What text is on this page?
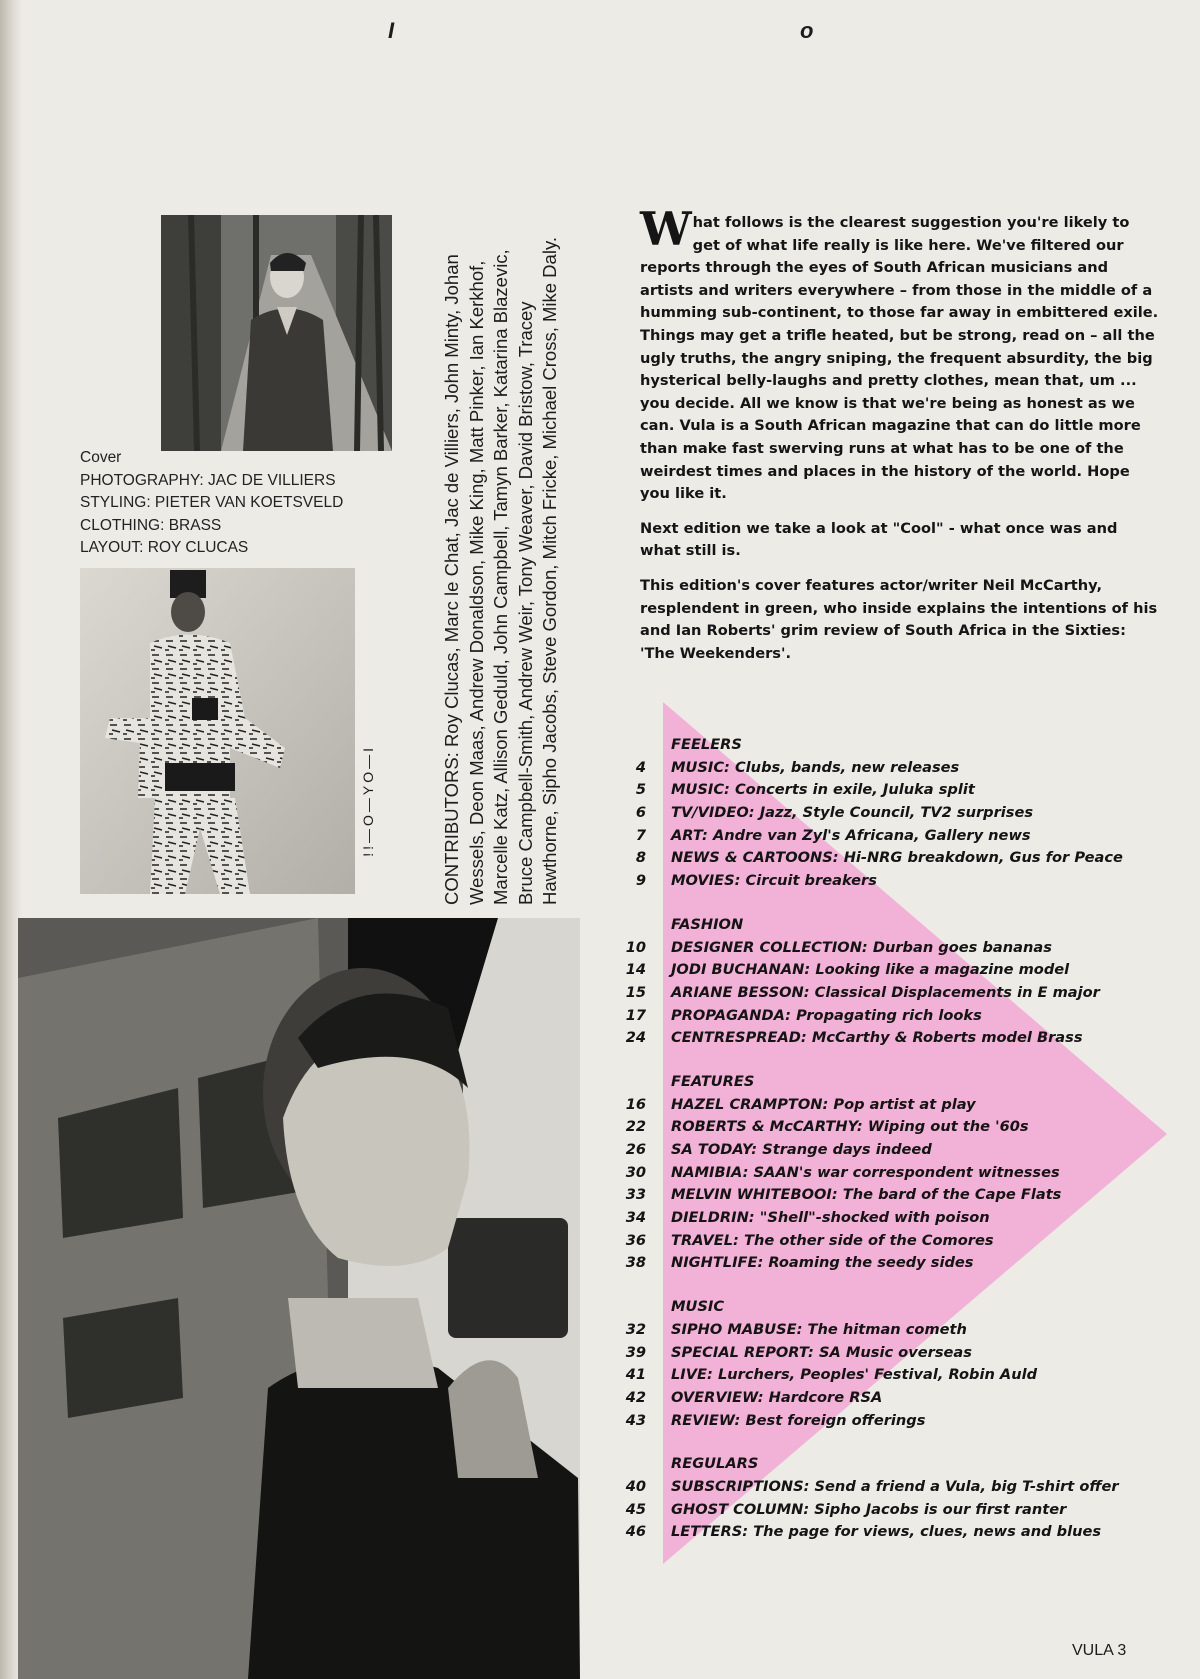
I	o
Cover
PHOTOGRAPHY: JAC DE VILLIERS
STYLING: PIETER VAN KOETSVELD
CLOTHING: BRASS
LAYOUT: ROY CLUCAS
!!—O—YO—I	CONTRIBUTORS: Roy Clucas, Marc le Chat, Jac de Villiers, John Minty, Johan Wessels, Deon Maas, Andrew Donaldson, Mike King, Matt Pinker, Ian Kerkhof, Marcelle Katz, Allison Geduld, John Campbell, Tamyn Barker, Katarina Blazevic, Bruce Campbell-Smith, Andrew Weir, Tony Weaver, David Bristow, Tracey Hawthorne, Sipho Jacobs, Steve Gordon, Mitch Fricke, Michael Cross, Mike Daly.

What follows is the clearest suggestion you're likely to get of what life really is like here. We've filtered our reports through the eyes of South African musicians and artists and writers everywhere – from those in the middle of a humming sub-continent, to those far away in embittered exile. Things may get a trifle heated, but be strong, read on – all the ugly truths, the angry sniping, the frequent absurdity, the big hysterical belly-laughs and pretty clothes, mean that, um ... you decide. All we know is that we're being as honest as we can. Vula is a South African magazine that can do little more than make fast swerving runs at what has to be one of the weirdest times and places in the history of the world. Hope you like it.

Next edition we take a look at "Cool" - what once was and what still is.

This edition's cover features actor/writer Neil McCarthy, resplendent in green, who inside explains the intentions of his and Ian Roberts' grim review of South Africa in the Sixties: 'The Weekenders'.

FEELERS
4	MUSIC:
Clubs, bands, new releases
5	MUSIC:
Concerts in exile, Juluka split
6	TV/VIDEO:
Jazz, Style Council, TV2 surprises
7	ART:
Andre van Zyl's Africana, Gallery news
8	NEWS & CARTOONS:
Hi-NRG breakdown, Gus for Peace
9	MOVIES:
Circuit breakers
FASHION
10	DESIGNER COLLECTION:
Durban goes bananas
14	JODI BUCHANAN:
Looking like a magazine model
15	ARIANE BESSON:
Classical Displacements in E major
17	PROPAGANDA:
Propagating rich looks
24	CENTRESPREAD:
McCarthy & Roberts model Brass
FEATURES
16	HAZEL CRAMPTON:
Pop artist at play
22	ROBERTS & McCARTHY:
Wiping out the '60s
26	SA TODAY:
Strange days indeed
30	NAMIBIA:
SAAN's war correspondent witnesses
33	MELVIN WHITEBOOI:
The bard of the Cape Flats
34	DIELDRIN:
"Shell"-shocked with poison
36	TRAVEL:
The other side of the Comores
38	NIGHTLIFE:
Roaming the seedy sides
MUSIC
32	SIPHO MABUSE:
The hitman cometh
39	SPECIAL REPORT:
SA Music overseas
41	LIVE:
Lurchers, Peoples' Festival, Robin Auld
42	OVERVIEW:
Hardcore RSA
43	REVIEW:
Best foreign offerings
REGULARS
40	SUBSCRIPTIONS:
Send a friend a Vula, big T-shirt offer
45	GHOST COLUMN:
Sipho Jacobs is our first ranter
46	LETTERS:
The page for views, clues, news and blues
VULA 3
